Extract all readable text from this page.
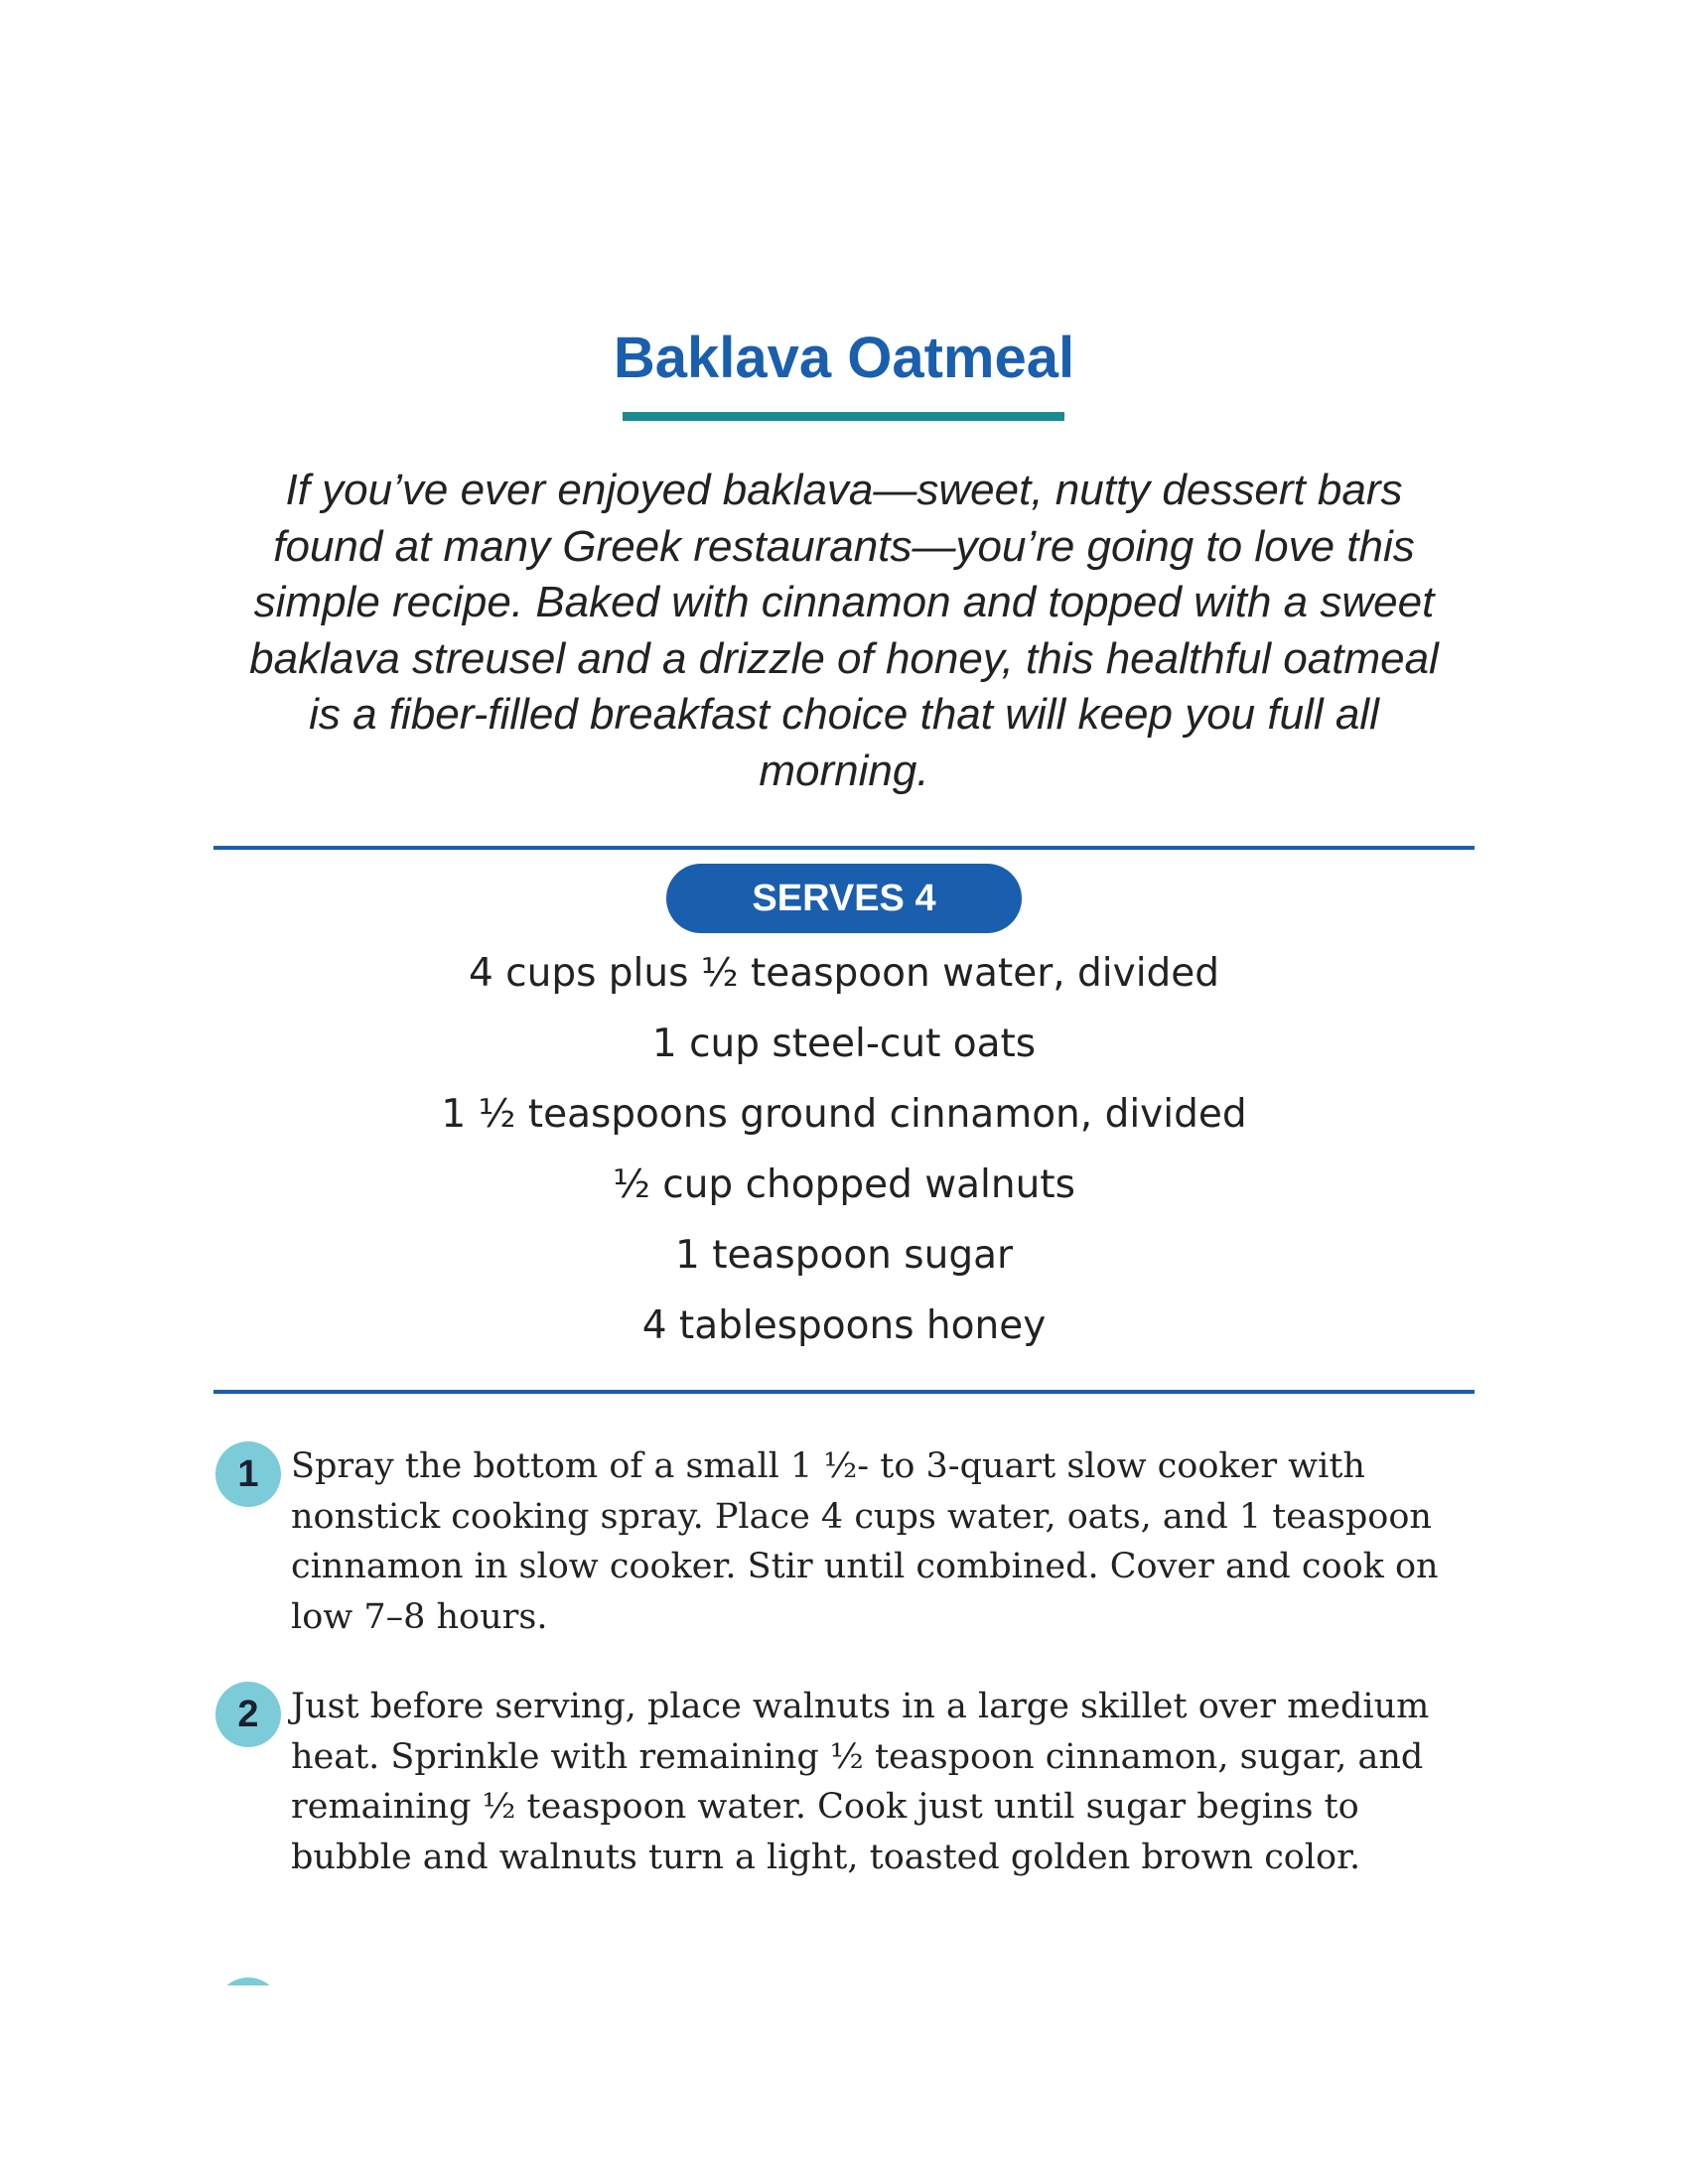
Baklava Oatmeal

If you’ve ever enjoyed baklava—sweet, nutty dessert bars found at many Greek restaurants—you’re going to love this simple recipe. Baked with cinnamon and topped with a sweet baklava streusel and a drizzle of honey, this healthful oatmeal is a fiber-filled breakfast choice that will keep you full all morning.

SERVES 4
4 cups plus ½ teaspoon water, divided
1 cup steel-cut oats
1 ½ teaspoons ground cinnamon, divided
½ cup chopped walnuts
1 teaspoon sugar
4 tablespoons honey
1 Spray the bottom of a small 1 ½- to 3-quart slow cooker with nonstick cooking spray. Place 4 cups water, oats, and 1 teaspoon cinnamon in slow cooker. Stir until combined. Cover and cook on low 7–8 hours.

2 Just before serving, place walnuts in a large skillet over medium heat. Sprinkle with remaining ½ teaspoon cinnamon, sugar, and remaining ½ teaspoon water. Cook just until sugar begins to bubble and walnuts turn a light, toasted golden brown color.
